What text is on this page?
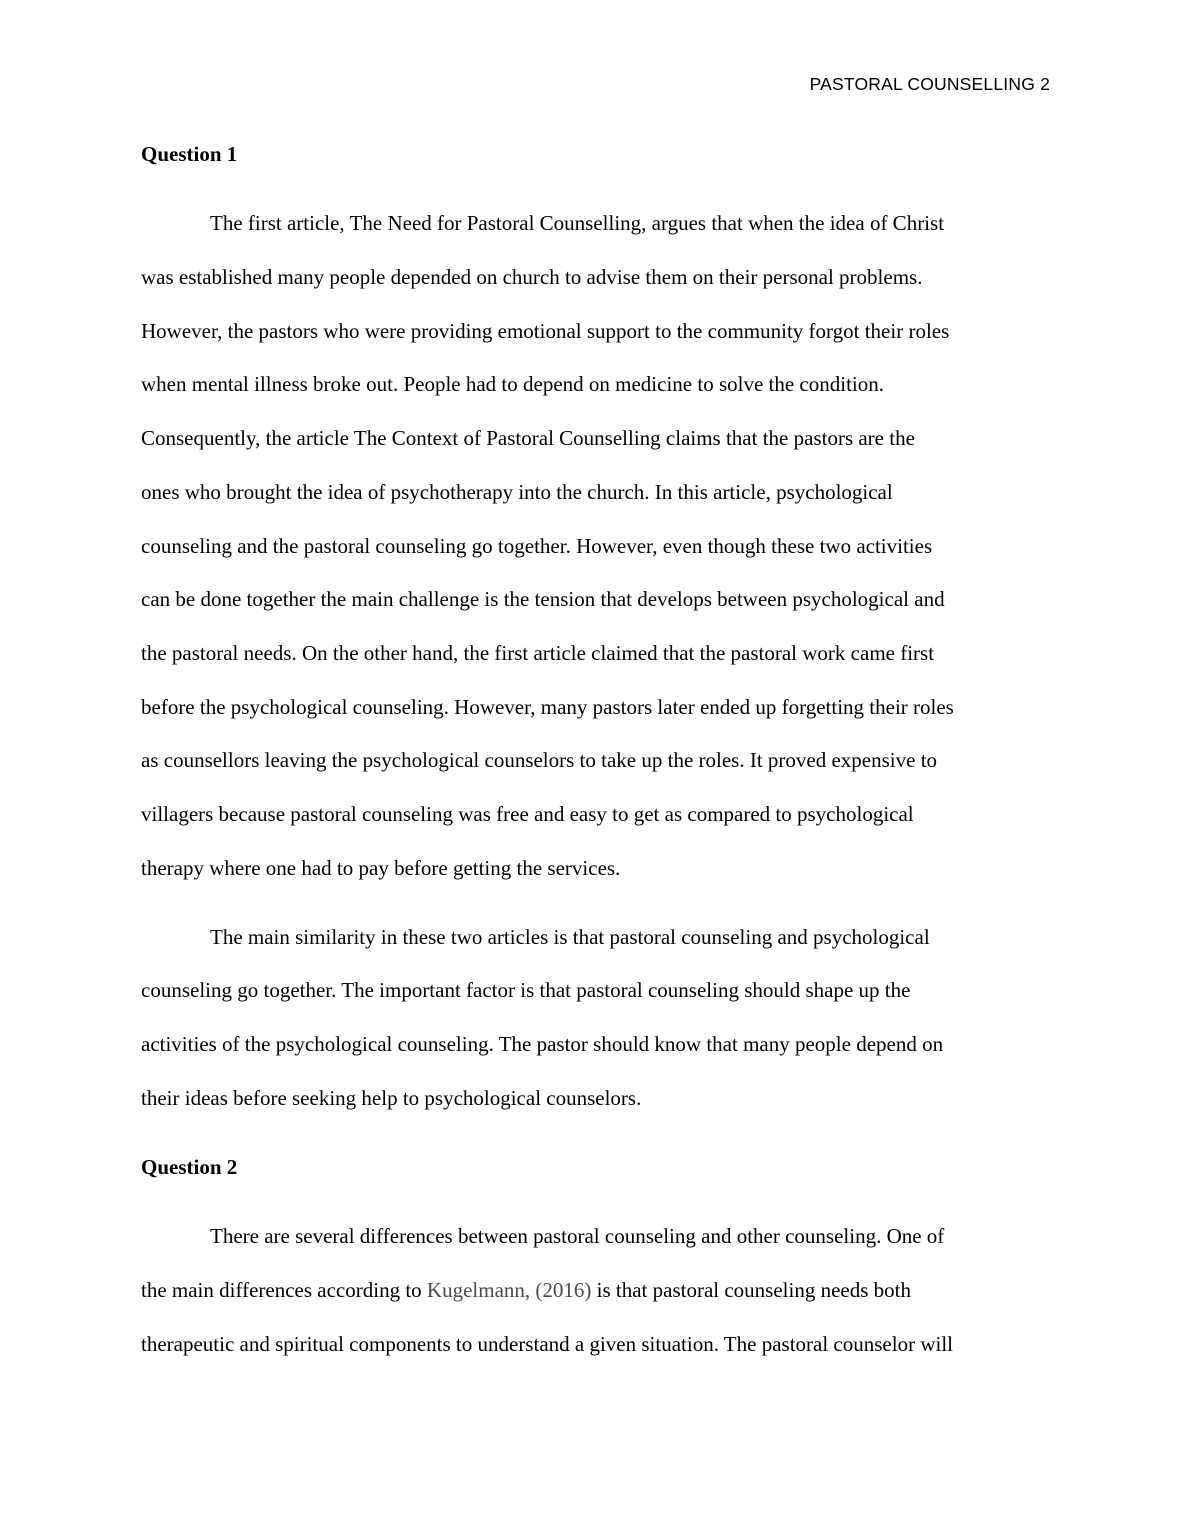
PASTORAL COUNSELLING 2
Question 1
The first article, The Need for Pastoral Counselling, argues that when the idea of Christ
was established many people depended on church to advise them on their personal problems.
However, the pastors who were providing emotional support to the community forgot their roles
when mental illness broke out. People had to depend on medicine to solve the condition.
Consequently, the article The Context of Pastoral Counselling claims that the pastors are the
ones who brought the idea of psychotherapy into the church. In this article, psychological
counseling and the pastoral counseling go together. However, even though these two activities
can be done together the main challenge is the tension that develops between psychological and
the pastoral needs. On the other hand, the first article claimed that the pastoral work came first
before the psychological counseling. However, many pastors later ended up forgetting their roles
as counsellors leaving the psychological counselors to take up the roles. It proved expensive to
villagers because pastoral counseling was free and easy to get as compared to psychological
therapy where one had to pay before getting the services.
The main similarity in these two articles is that pastoral counseling and psychological
counseling go together. The important factor is that pastoral counseling should shape up the
activities of the psychological counseling. The pastor should know that many people depend on
their ideas before seeking help to psychological counselors.
Question 2
There are several differences between pastoral counseling and other counseling. One of
the main differences according to Kugelmann, (2016) is that pastoral counseling needs both
therapeutic and spiritual components to understand a given situation. The pastoral counselor will
